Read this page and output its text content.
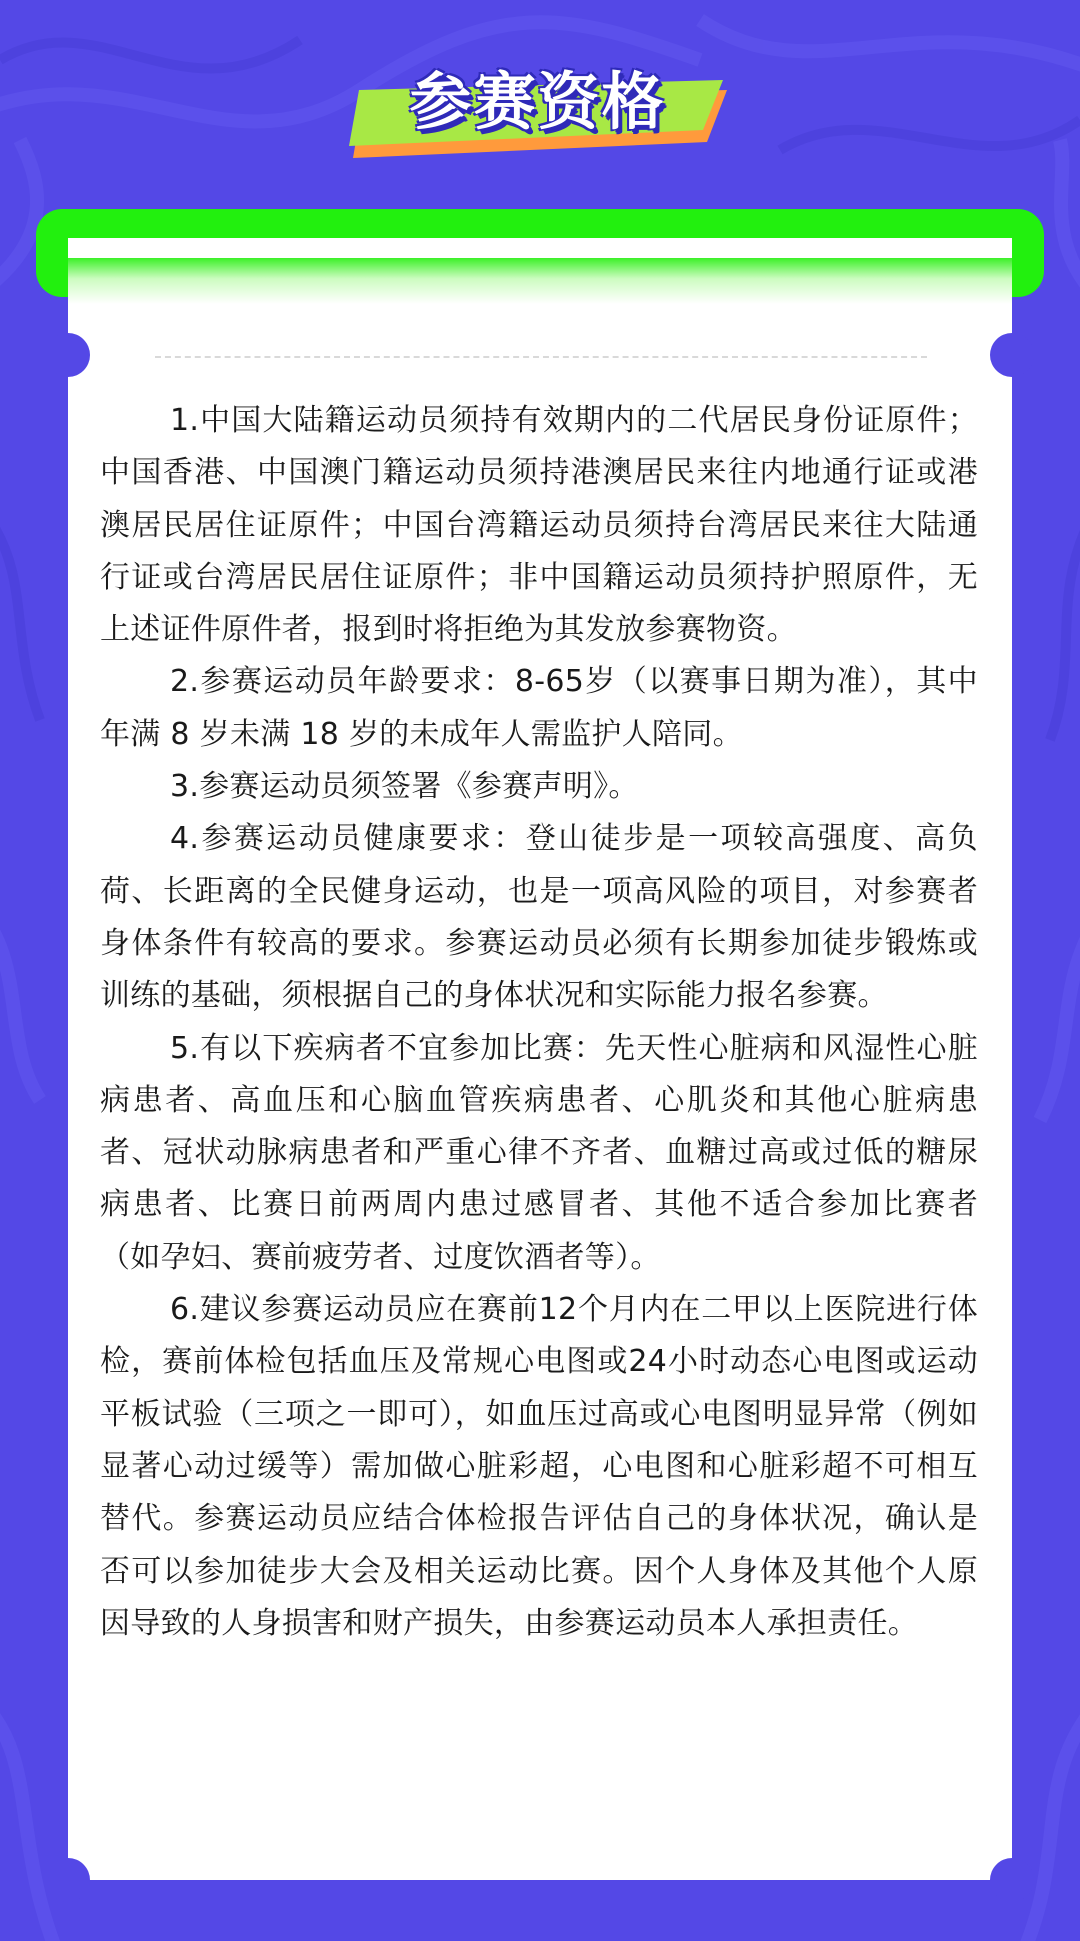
参赛资格

1.中国大陆籍运动员须持有效期内的二代居民身份证原件；中国香港、中国澳门籍运动员须持港澳居民来往内地通行证或港 澳居民居住证原件；中国台湾籍运动员须持台湾居民来往大陆通行证或台湾居民居住证原件；非中国籍运动员须持护照原件，无上述证件原件者，报到时将拒绝为其发放参赛物资。

2.参赛运动员年龄要求：8-65岁（以赛事日期为准），其中年满 8 岁未满 18 岁的未成年人需监护人陪同。

3.参赛运动员须签署《参赛声明》。

4.参赛运动员健康要求：登山徒步是一项较高强度、高负荷、长距离的全民健身运动，也是一项高风险的项目，对参赛者身体条件有较高的要求。参赛运动员必须有长期参加徒步锻炼或训练的基础，须根据自己的身体状况和实际能力报名参赛。

5.有以下疾病者不宜参加比赛：先天性心脏病和风湿性心脏病患者、高血压和心脑血管疾病患者、心肌炎和其他心脏病患者、冠状动脉病患者和严重心律不齐者、血糖过高或过低的糖尿病患者、比赛日前两周内患过感冒者、其他不适合参加比赛者（如孕妇、赛前疲劳者、过度饮酒者等）。

6.建议参赛运动员应在赛前12个月内在二甲以上医院进行体检，赛前体检包括血压及常规心电图或24小时动态心电图或运动平板试验（三项之一即可），如血压过高或心电图明显异常（例如显著心动过缓等）需加做心脏彩超，心电图和心脏彩超不可相互替代。参赛运动员应结合体检报告评估自己的身体状况，确认是否可以参加徒步大会及相关运动比赛。因个人身体及其他个人原因导致的人身损害和财产损失，由参赛运动员本人承担责任。
